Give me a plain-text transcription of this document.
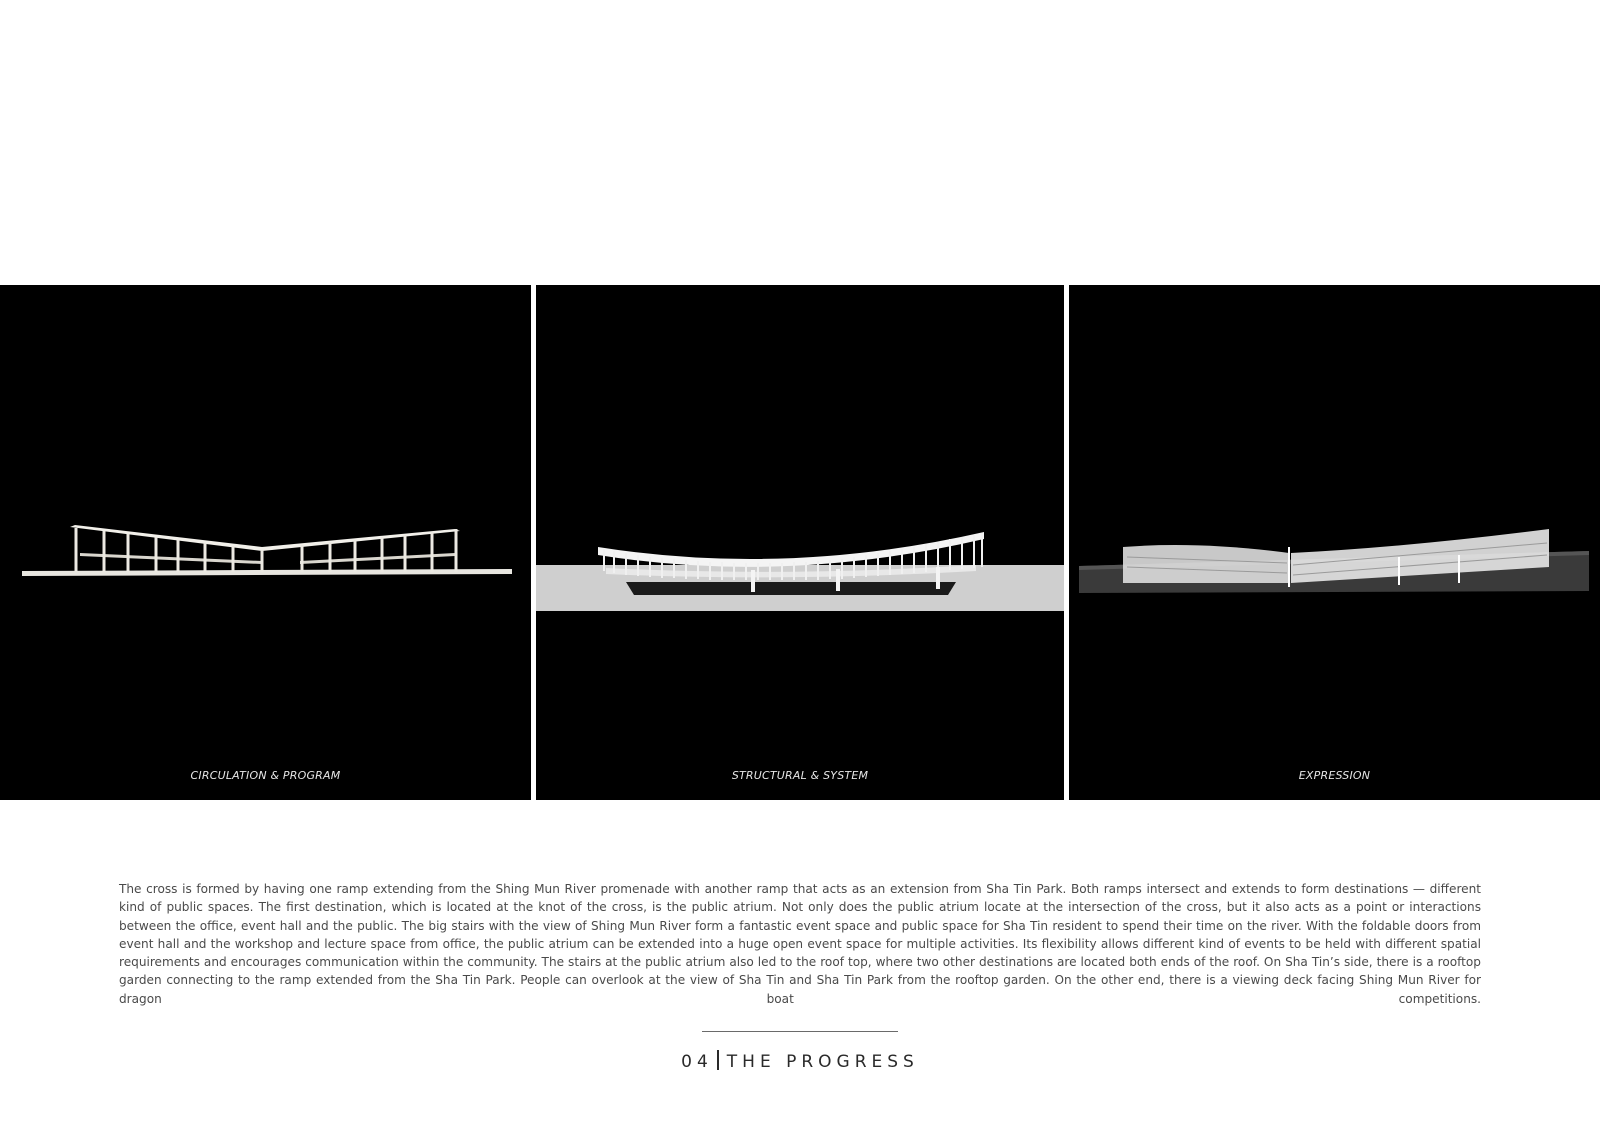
CIRCULATION & PROGRAM	STRUCTURAL & SYSTEM	EXPRESSION

The cross is formed by having one ramp extending from the Shing Mun River promenade with another ramp that acts as an extension from Sha Tin Park. Both ramps intersect and extends to form destinations — different kind of public spaces. The first destination, which is located at the knot of the cross, is the public atrium. Not only does the public atrium locate at the intersection of the cross, but it also acts as a point or interactions between the office, event hall and the public. The big stairs with the view of Shing Mun River form a fantastic event space and public space for Sha Tin resident to spend their time on the river. With the foldable doors from event hall and the workshop and lecture space from office, the public atrium can be extended into a huge open event space for multiple activities. Its flexibility allows different kind of events to be held with different spatial requirements and encourages communication within the community. The stairs at the public atrium also led to the roof top, where two other destinations are located both ends of the roof. On Sha Tin’s side, there is a rooftop garden connecting to the ramp extended from the Sha Tin Park. People can overlook at the view of Sha Tin and Sha Tin Park from the rooftop garden. On the other end, there is a viewing deck facing Shing Mun River for dragon boat competitions.

04 THE PROGRESS
